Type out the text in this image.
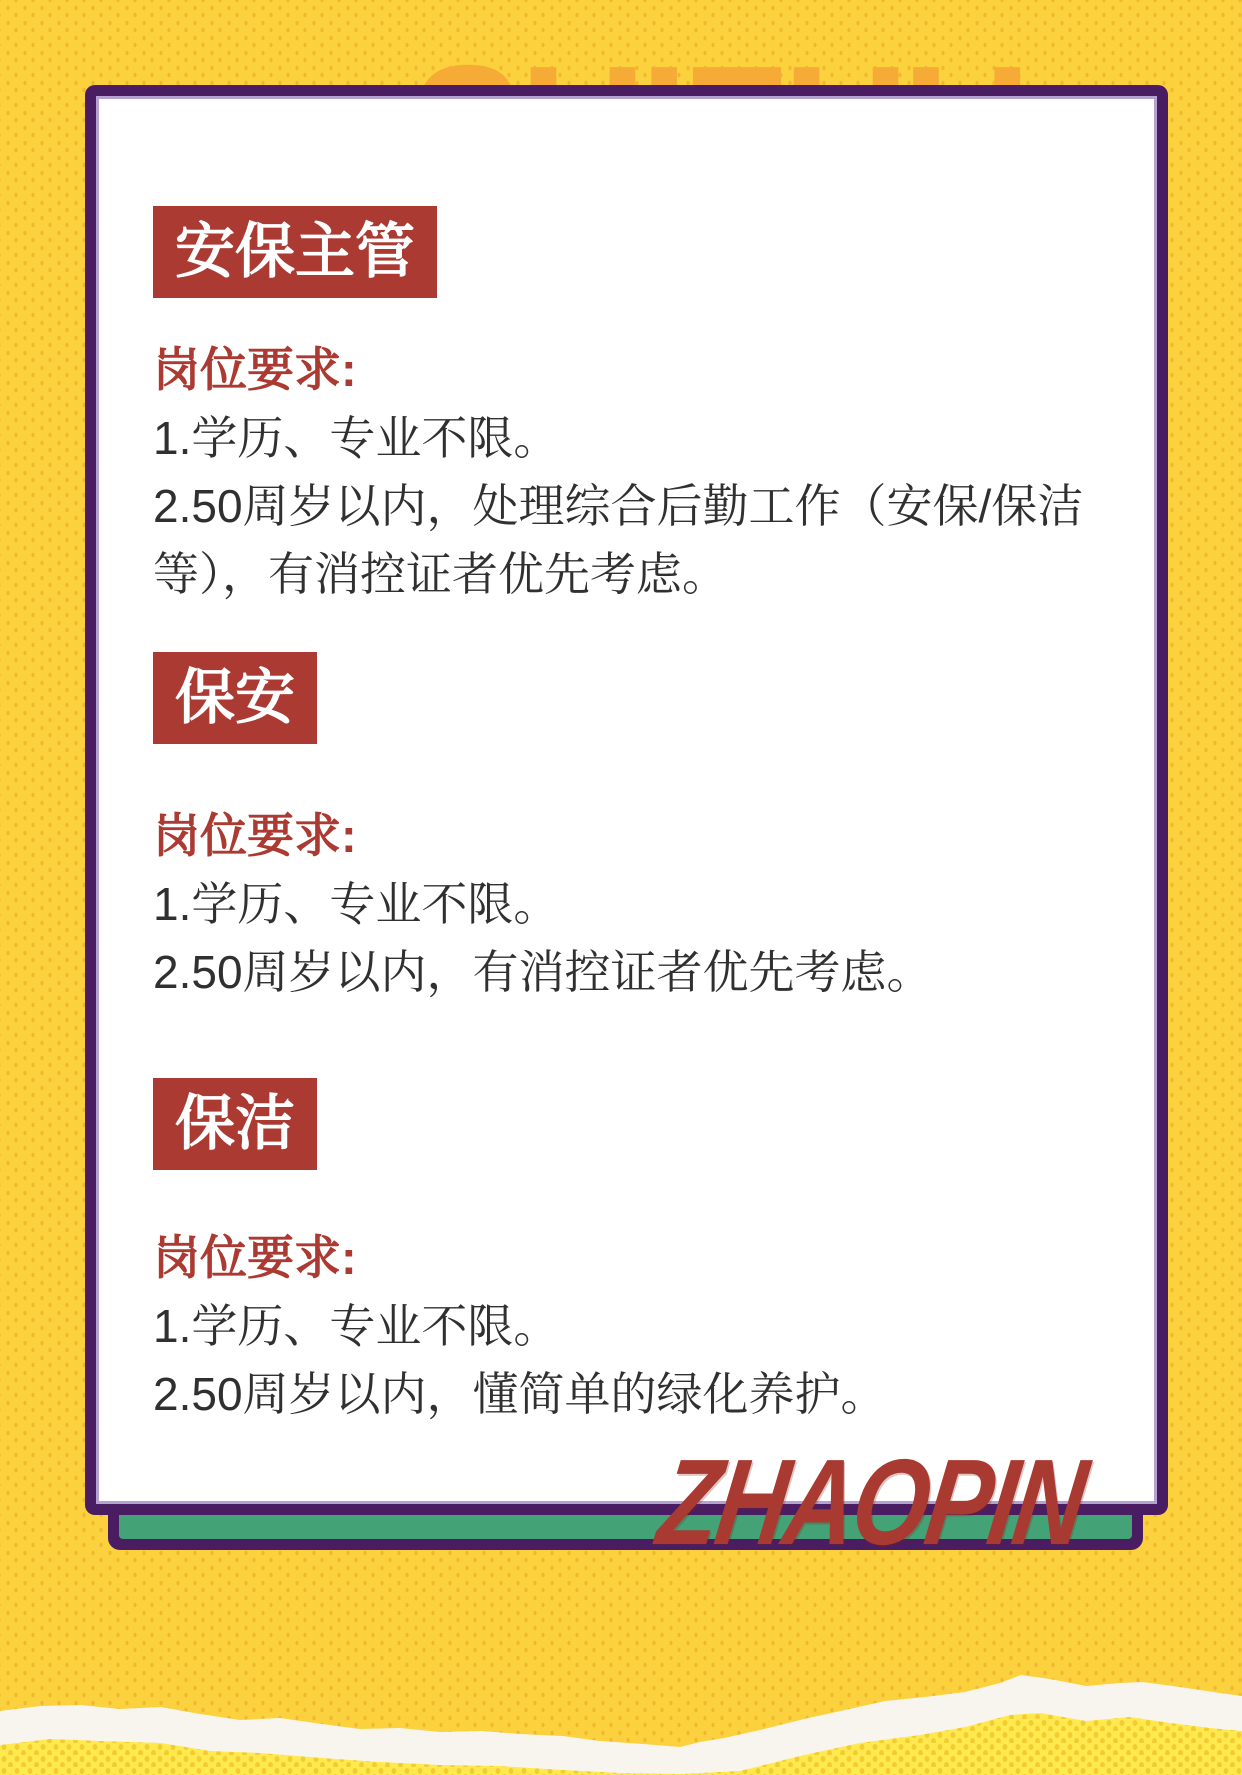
安保主管
岗位要求:
1.学历、专业不限。
2.50周岁以内，处理综合后勤工作（安保/保洁
等），有消控证者优先考虑。
保安
岗位要求:
1.学历、专业不限。
2.50周岁以内，有消控证者优先考虑。
保洁
岗位要求:
1.学历、专业不限。
2.50周岁以内，懂简单的绿化养护。
ZHAOPIN
